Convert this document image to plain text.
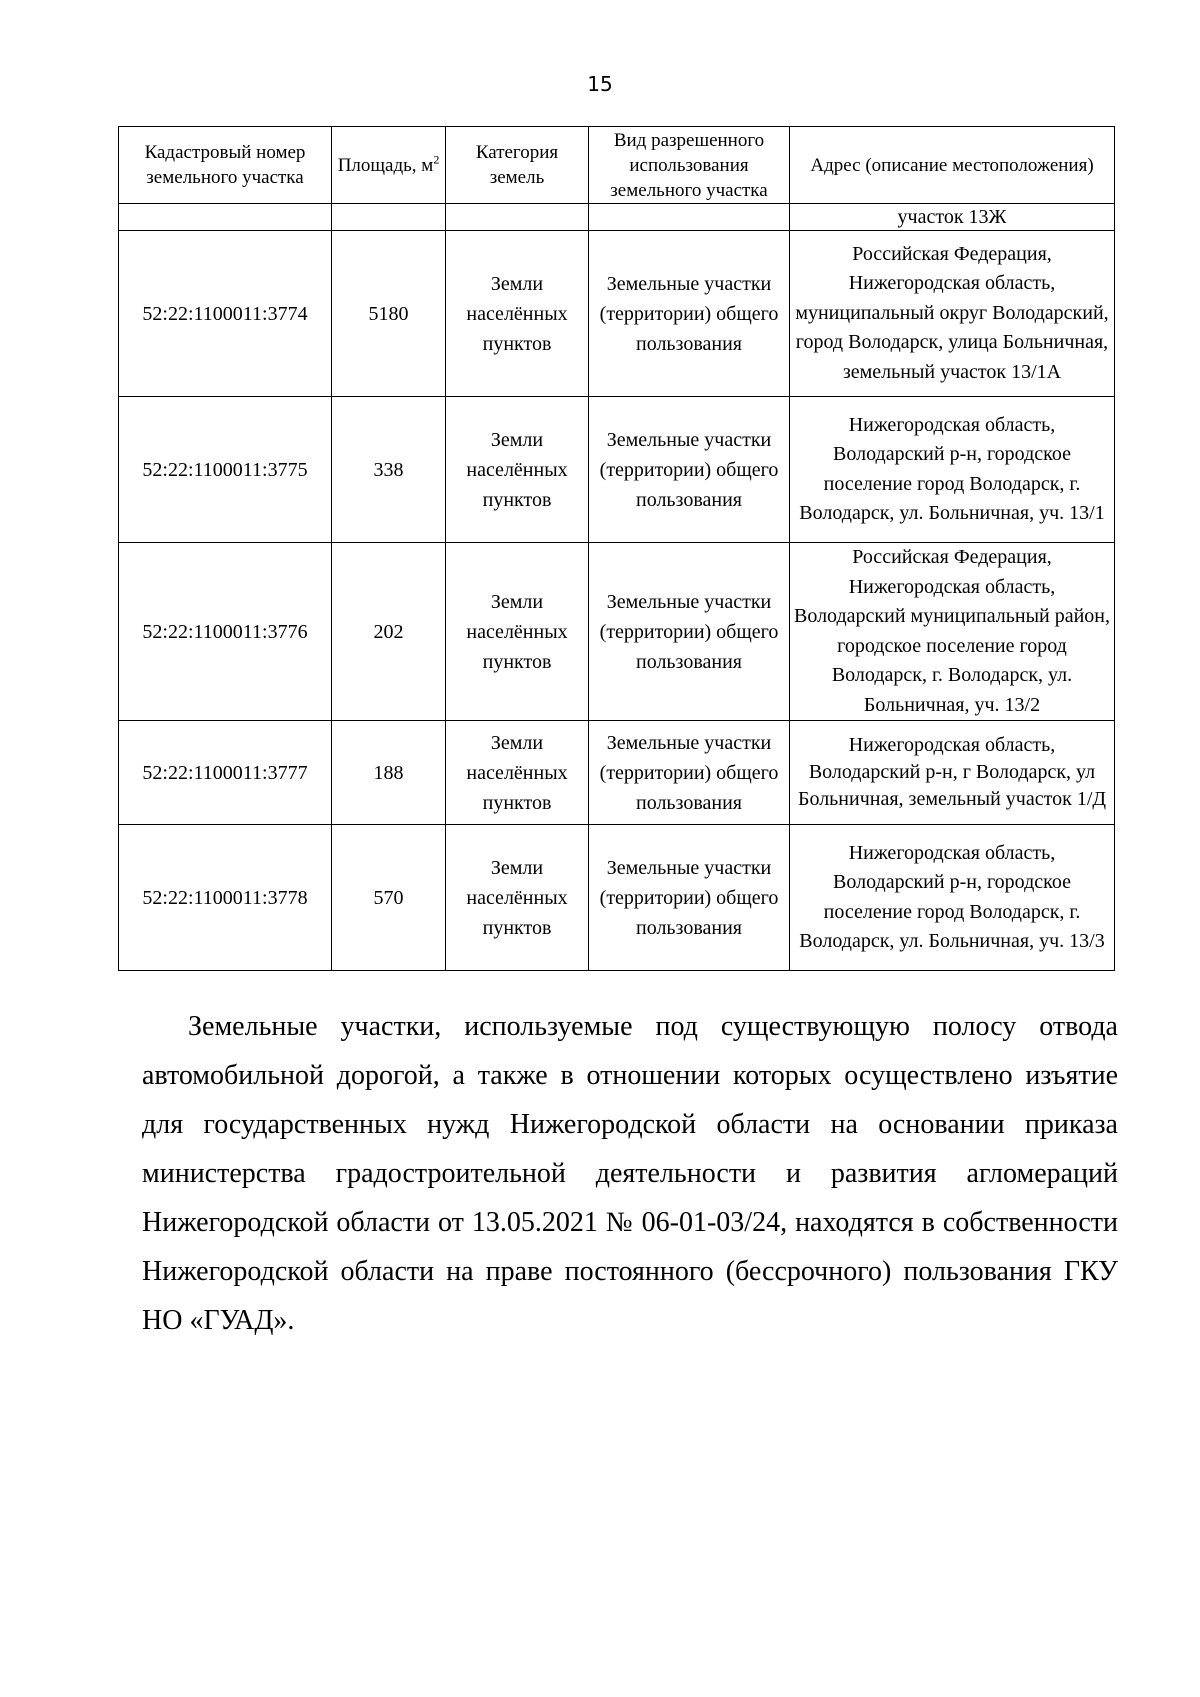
15
Кадастровый номер земельного участка	Площадь, $м^2$	Категория земель	Вид разрешенного использования земельного участка	Адрес (описание местоположения)
				участок 13Ж
52:22:1100011:3774	5180	Земли населённых пунктов	Земельные участки (территории) общего пользования	Российская Федерация, Нижегородская область, муниципальный округ Володарский, город Володарск, улица Больничная, земельный участок 13/1А
52:22:1100011:3775	338	Земли населённых пунктов	Земельные участки (территории) общего пользования	Нижегородская область, Володарский р-н, городское поселение город Володарск, г. Володарск, ул. Больничная, уч. 13/1
52:22:1100011:3776	202	Земли населённых пунктов	Земельные участки (территории) общего пользования	Российская Федерация, Нижегородская область, Володарский муниципальный район, городское поселение город Володарск, г. Володарск, ул. Больничная, уч. 13/2
52:22:1100011:3777	188	Земли населённых пунктов	Земельные участки (территории) общего пользования	Нижегородская область, Володарский р-н, г Володарск, ул Больничная, земельный участок 1/Д
52:22:1100011:3778	570	Земли населённых пунктов	Земельные участки (территории) общего пользования	Нижегородская область, Володарский р-н, городское поселение город Володарск, г. Володарск, ул. Больничная, уч. 13/3

Земельные участки, используемые под существующую полосу отвода автомобильной дорогой, а также в отношении которых осуществлено изъятие для государственных нужд Нижегородской области на основании приказа министерства градостроительной деятельности и развития агломераций Нижегородской области от 13.05.2021 № 06-01-03/24, находятся в собственности Нижегородской области на праве постоянного (бессрочного) пользования ГКУ НО «ГУАД».
